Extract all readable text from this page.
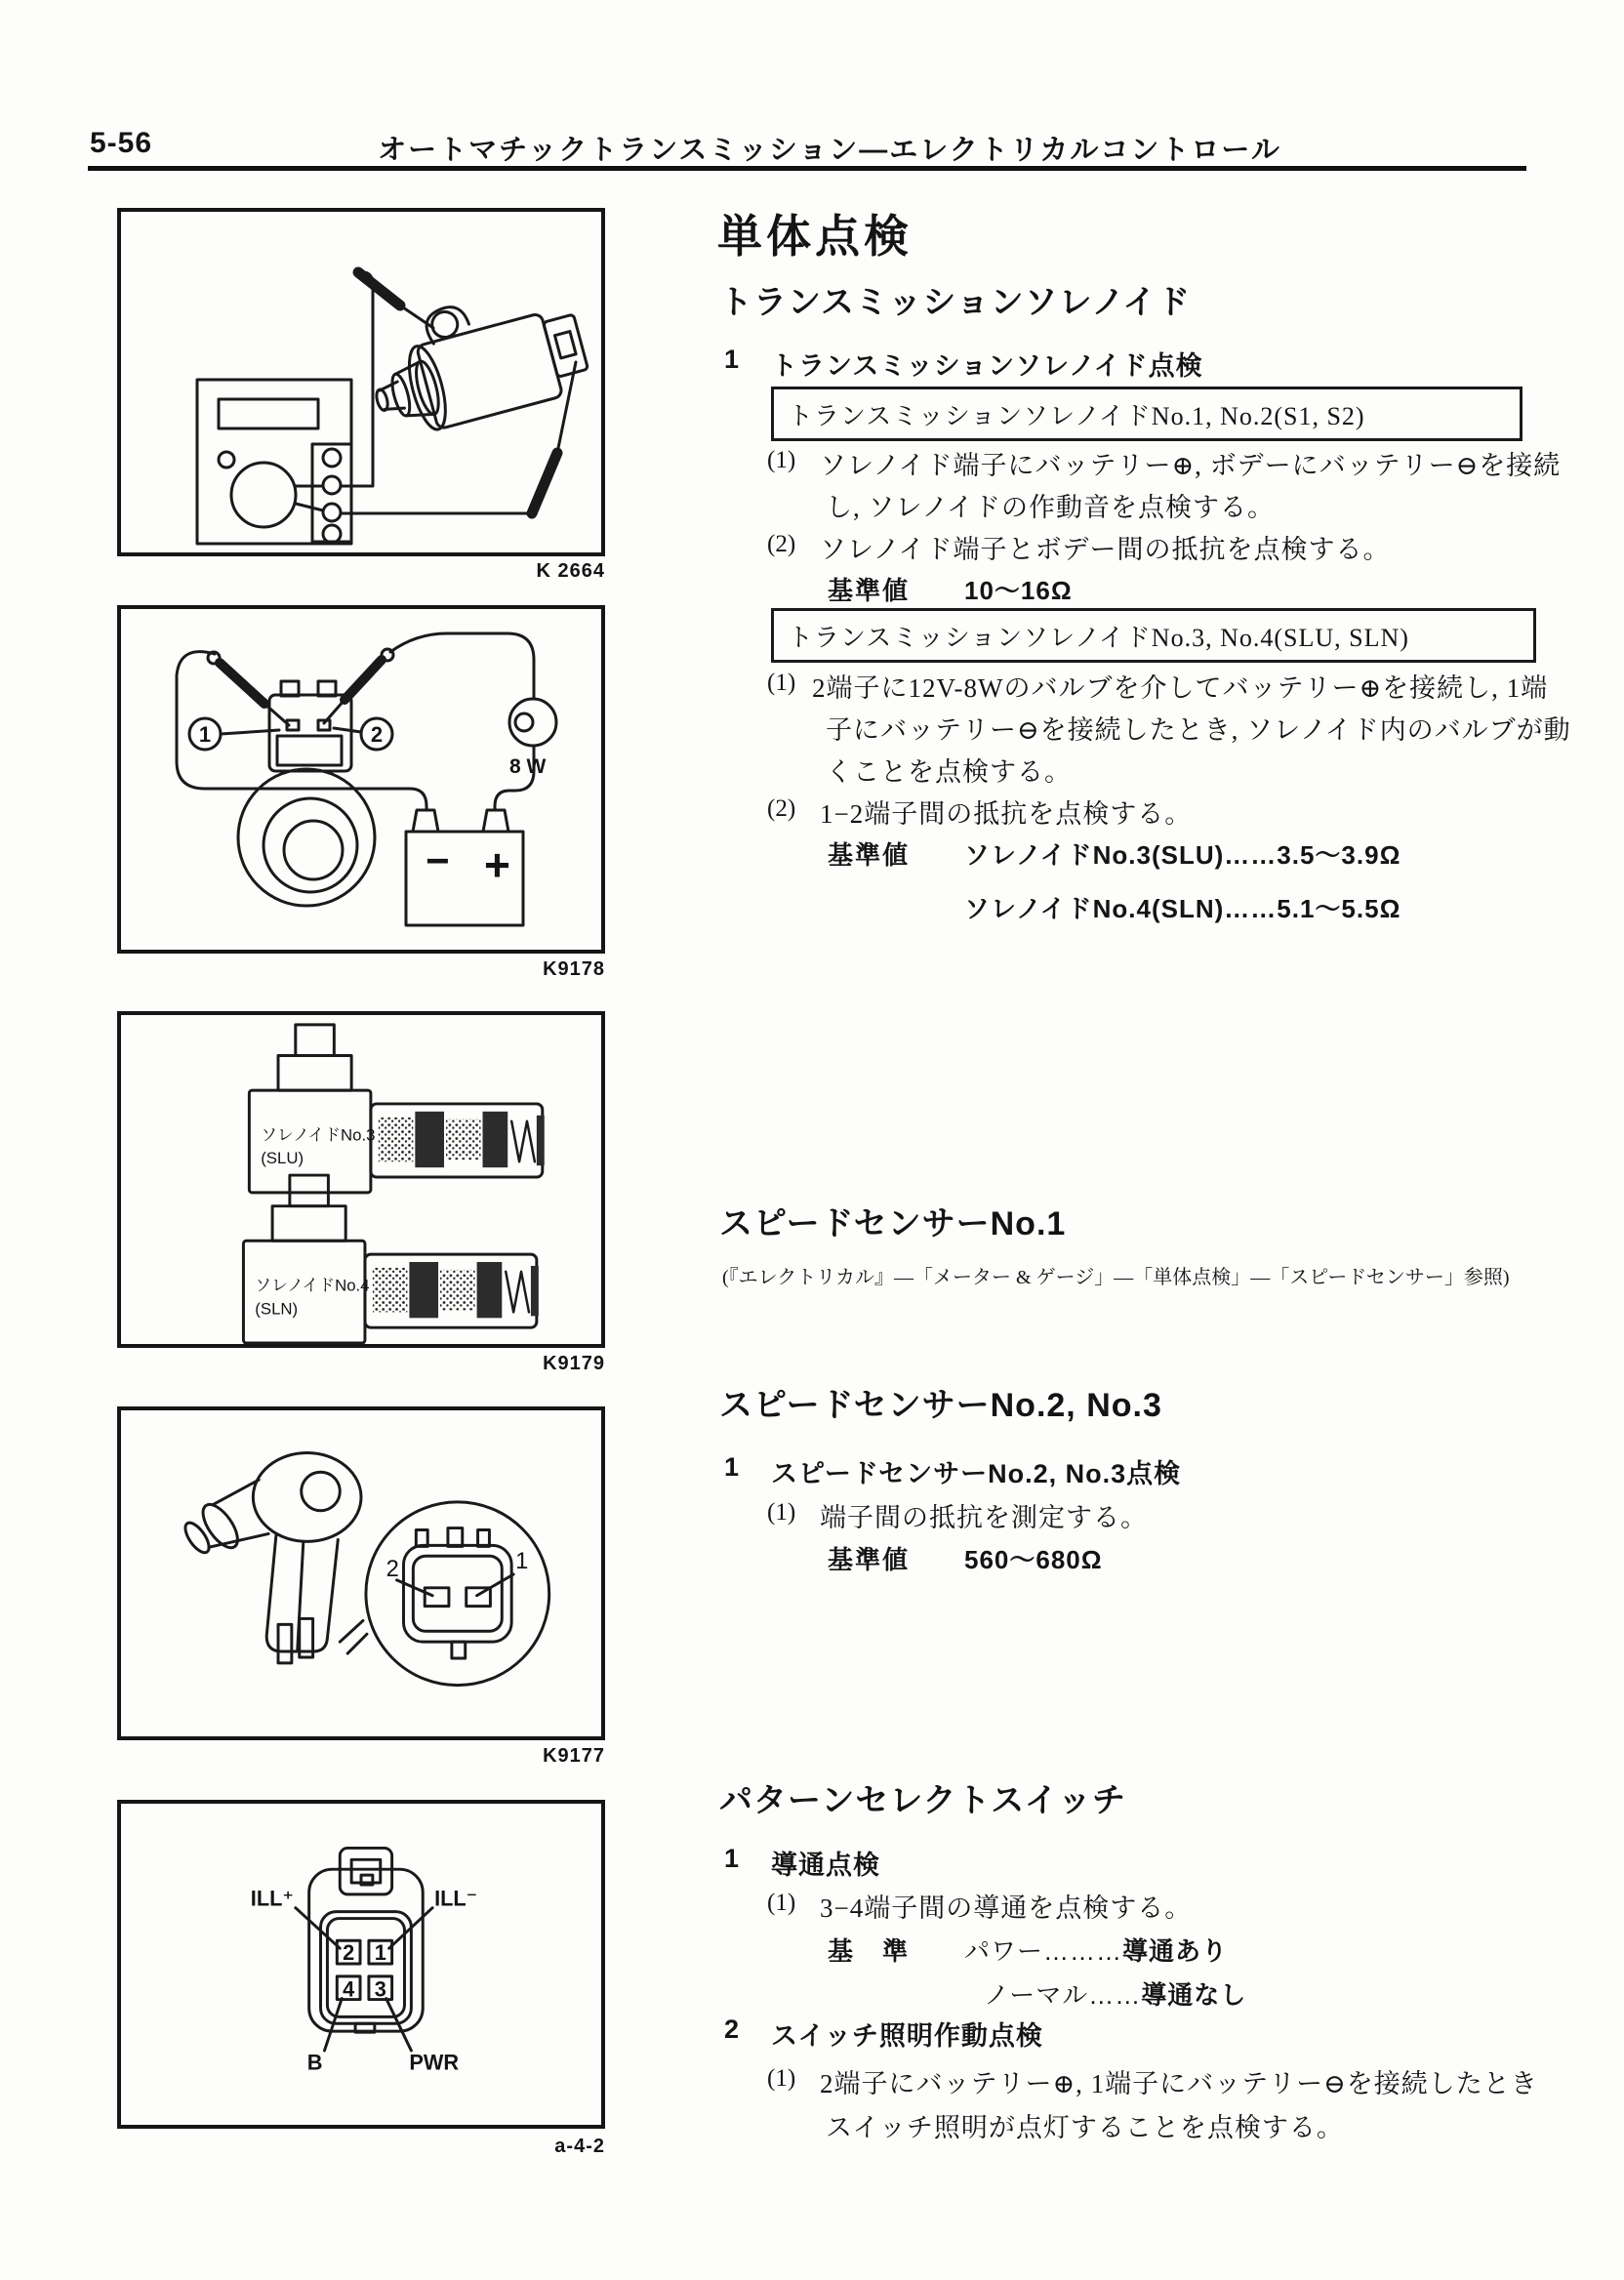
5-56	オートマチックトランスミッション―エレクトリカルコントロール
K 2664
1	2
8 W
− +
K9178
ソレノイドNo.3
(SLU)
ソレノイドNo.4
(SLN)
K9179
2	1
K9177
ILL⁺	ILL⁻
B	PWR
2 1
4 3
a-4-2
単体点検
トランスミッションソレノイド
1 トランスミッションソレノイド点検
トランスミッションソレノイドNo.1, No.2(S1, S2)
(1) ソレノイド端子にバッテリー⊕, ボデーにバッテリー⊖を接続
し, ソレノイドの作動音を点検する。
(2) ソレノイド端子とボデー間の抵抗を点検する。
基準値 10〜16Ω
トランスミッションソレノイドNo.3, No.4(SLU, SLN)
(1) 2端子に12V-8Wのバルブを介してバッテリー⊕を接続し, 1端
子にバッテリー⊖を接続したとき, ソレノイド内のバルブが動
くことを点検する。
(2) 1−2端子間の抵抗を点検する。
基準値 ソレノイドNo.3(SLU)……3.5〜3.9Ω
ソレノイドNo.4(SLN)……5.1〜5.5Ω
スピードセンサーNo.1
(『エレクトリカル』―「メーター & ゲージ」―「単体点検」―「スピードセンサー」参照)
スピードセンサーNo.2, No.3
1 スピードセンサーNo.2, No.3点検
(1) 端子間の抵抗を測定する。
基準値 560〜680Ω
パターンセレクトスイッチ
1 導通点検
(1) 3−4端子間の導通を点検する。
基　準 パワー………導通あり
ノーマル……導通なし
2 スイッチ照明作動点検
(1) 2端子にバッテリー⊕, 1端子にバッテリー⊖を接続したとき
スイッチ照明が点灯することを点検する。
